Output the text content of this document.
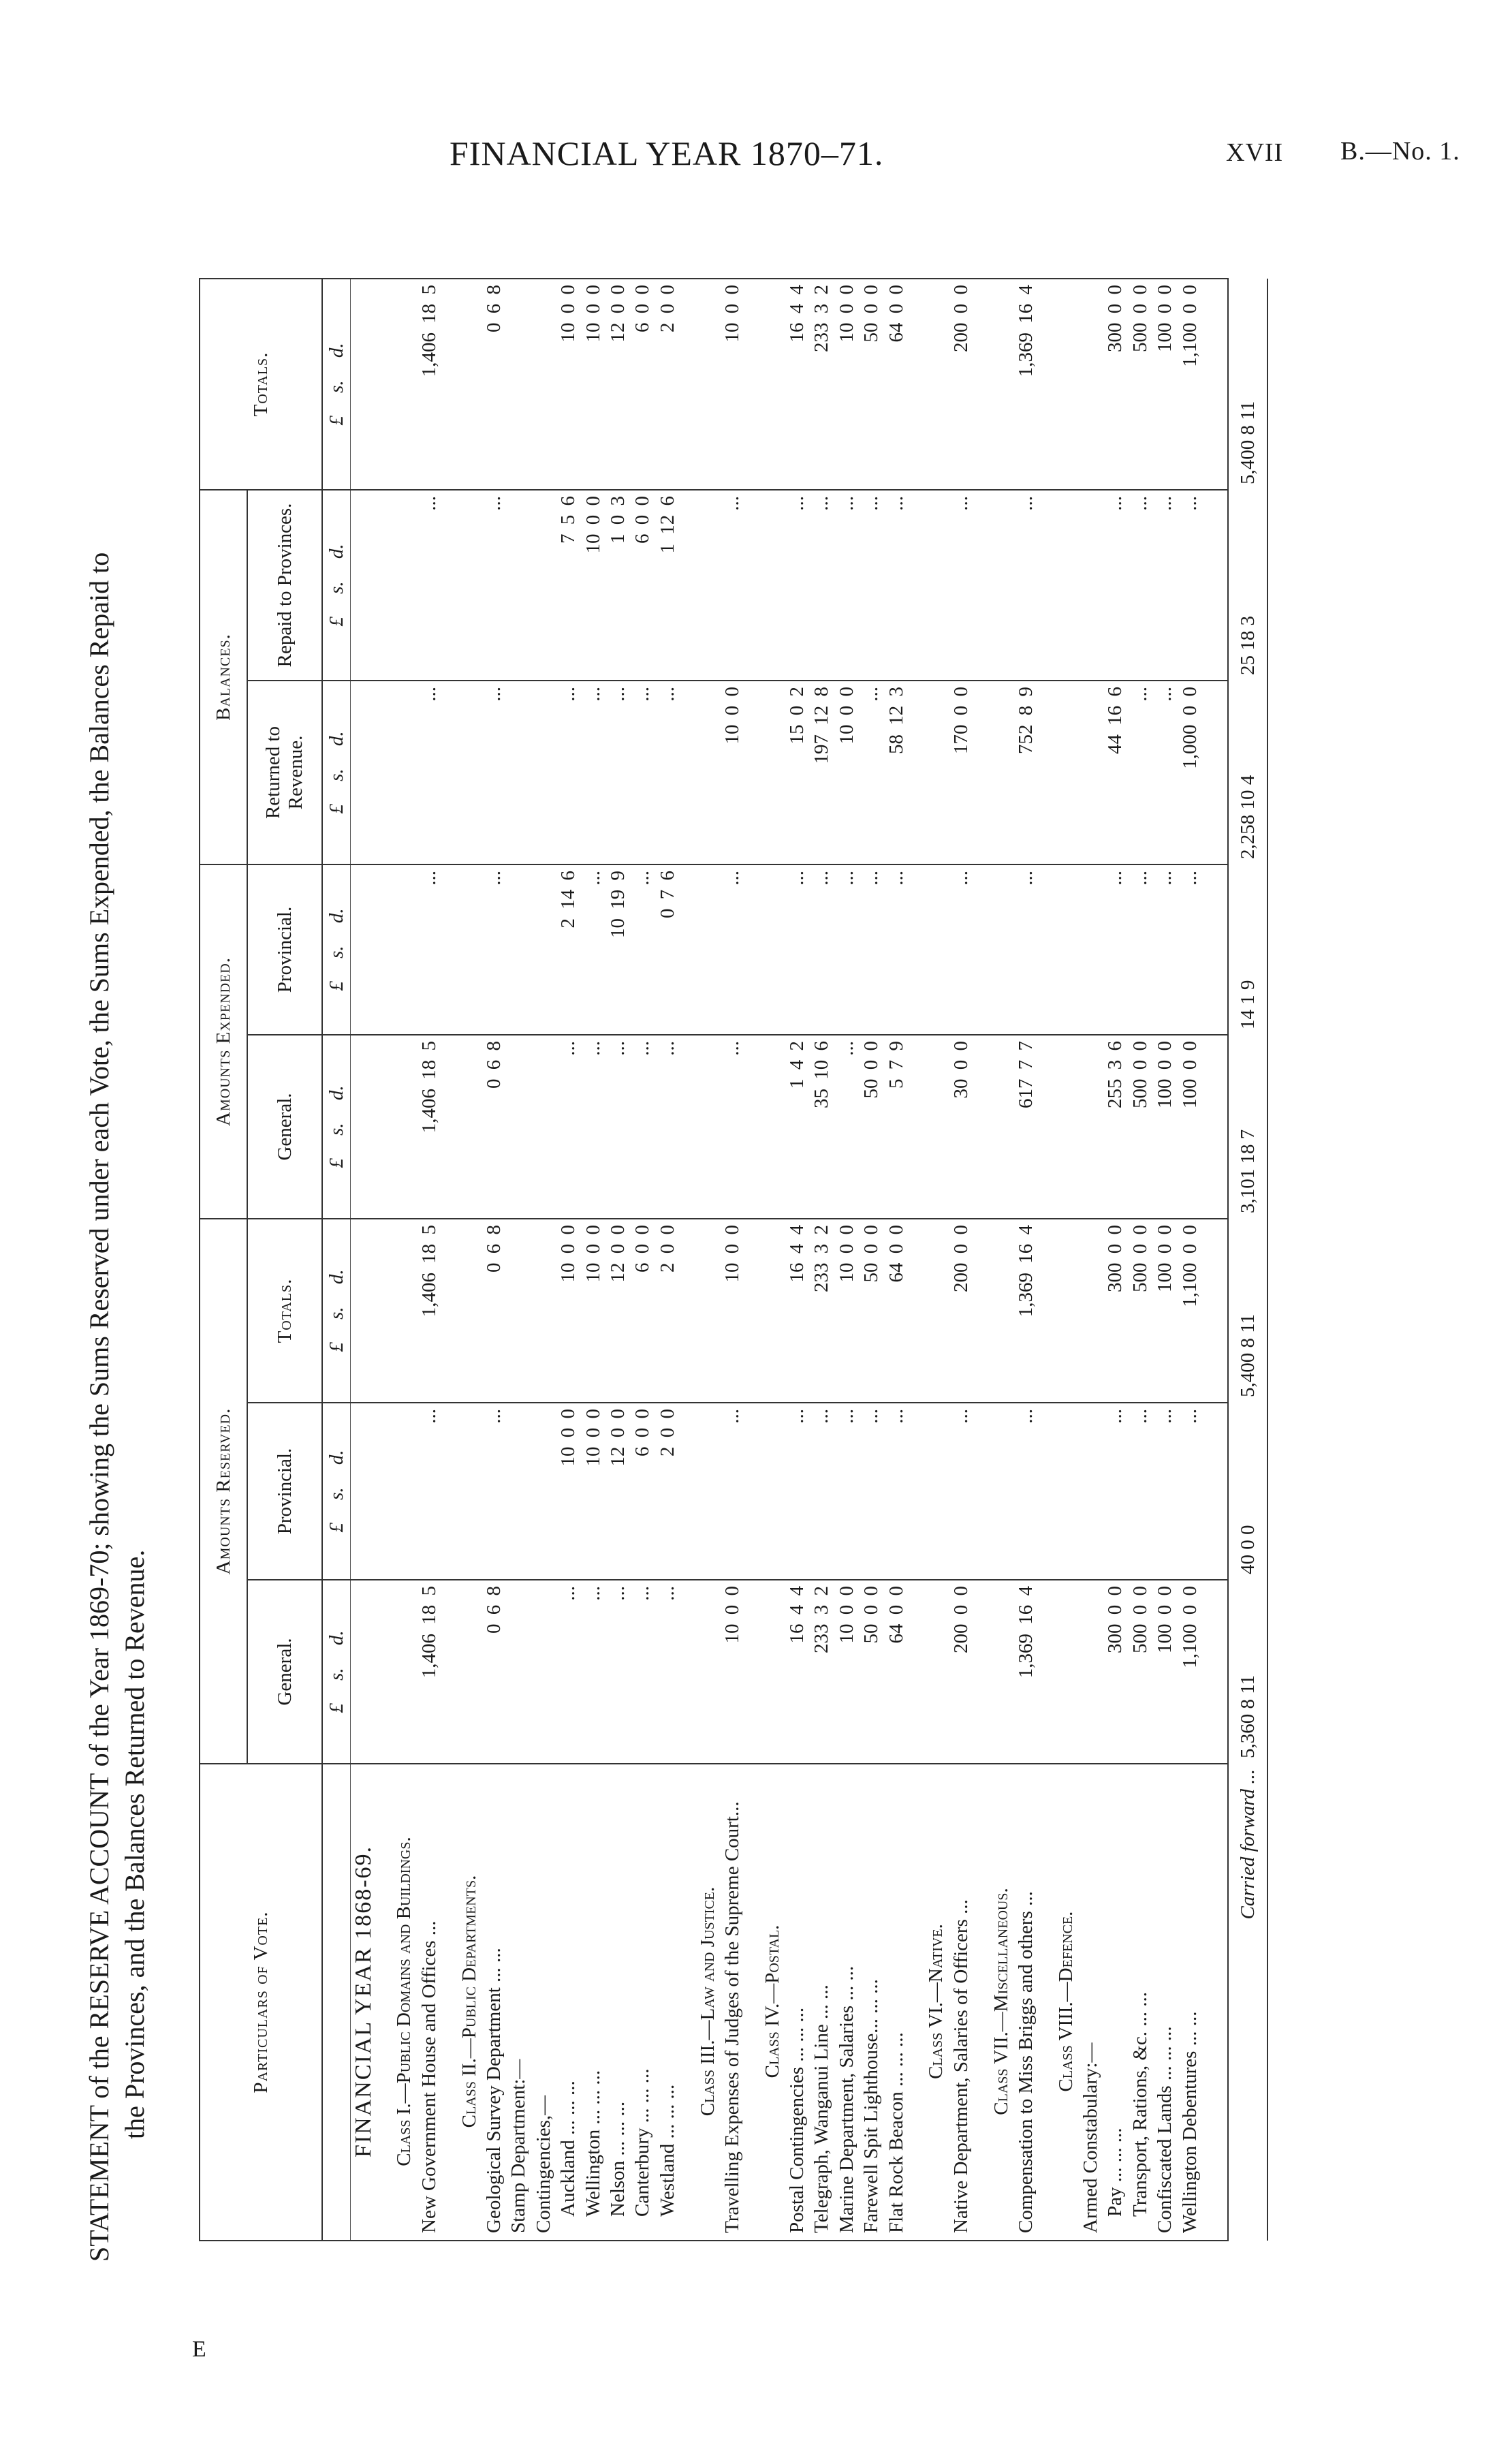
FINANCIAL YEAR 1870–71.	XVII B.—No. 1.
E
STATEMENT of the RESERVE ACCOUNT of the Year 1869-70; showing the Sums Reserved under each Vote, the Sums Expended, the Balances Repaid to the Provinces, and the Balances Returned to Revenue.	Particulars of Vote.	Amounts Reserved.			Amounts Expended.		Balances.		Totals.
	General.	Provincial.	Totals.	General.	Provincial.	Returned to Revenue.	Repaid to Provinces.	
	£ s. d.	£ s. d.	£ s. d.	£ s. d.	£ s. d.	£ s. d.	£ s. d.	£ s. d.
FINANCIAL YEAR 1868-69.								

Class I.—Public Domains and Buildings.								
New Government House and Offices ...	1,406 18 5	...	1,406 18 5	1,406 18 5	...	...	...	1,406 18 5

Class II.—Public Departments.								
Geological Survey Department ... ...	0 6 8	...	0 6 8	0 6 8	...	...	...	0 6 8
Stamp Department:—								
Contingencies,—								
Auckland ... ... ...	...	10 0 0	10 0 0	...	2 14 6	...	7 5 6	10 0 0
Wellington ... ... ...	...	10 0 0	10 0 0	...	...	...	10 0 0	10 0 0
Nelson ... ... ...	...	12 0 0	12 0 0	...	10 19 9	...	1 0 3	12 0 0
Canterbury ... ... ...	...	6 0 0	6 0 0	...	...	...	6 0 0	6 0 0
Westland ... ... ...	...	2 0 0	2 0 0	...	0 7 6	...	1 12 6	2 0 0

Class III.—Law and Justice.								
Travelling Expenses of Judges of the Supreme Court...	10 0 0	...	10 0 0	...	...	10 0 0	...	10 0 0

Class IV.—Postal.								
Postal Contingencies ... ... ...	16 4 4	...	16 4 4	1 4 2	...	15 0 2	...	16 4 4
Telegraph, Wanganui Line ... ...	233 3 2	...	233 3 2	35 10 6	...	197 12 8	...	233 3 2
Marine Department, Salaries ... ...	10 0 0	...	10 0 0	...	...	10 0 0	...	10 0 0
Farewell Spit Lighthouse... ... ...	50 0 0	...	50 0 0	50 0 0	...	...	...	50 0 0
Flat Rock Beacon ... ... ...	64 0 0	...	64 0 0	5 7 9	...	58 12 3	...	64 0 0

Class VI.—Native.								
Native Department, Salaries of Officers ...	200 0 0	...	200 0 0	30 0 0	...	170 0 0	...	200 0 0

Class VII.—Miscellaneous.								
Compensation to Miss Briggs and others ...	1,369 16 4	...	1,369 16 4	617 7 7	...	752 8 9	...	1,369 16 4

Class VIII.—Defence.								
Armed Constabulary:—								
Pay ... ... ...	300 0 0	...	300 0 0	255 3 6	...	44 16 6	...	300 0 0
Transport, Rations, &c. ... ...	500 0 0	...	500 0 0	500 0 0	...	...	...	500 0 0
Confiscated Lands ... ... ...	100 0 0	...	100 0 0	100 0 0	...	...	...	100 0 0
Wellington Debentures ... ...	1,100 0 0	...	1,100 0 0	100 0 0	...	1,000 0 0	...	1,100 0 0

Carried forward ...	5,360 8 11	40 0 0	5,400 8 11	3,101 18 7	14 1 9	2,258 10 4	25 18 3	5,400 8 11
